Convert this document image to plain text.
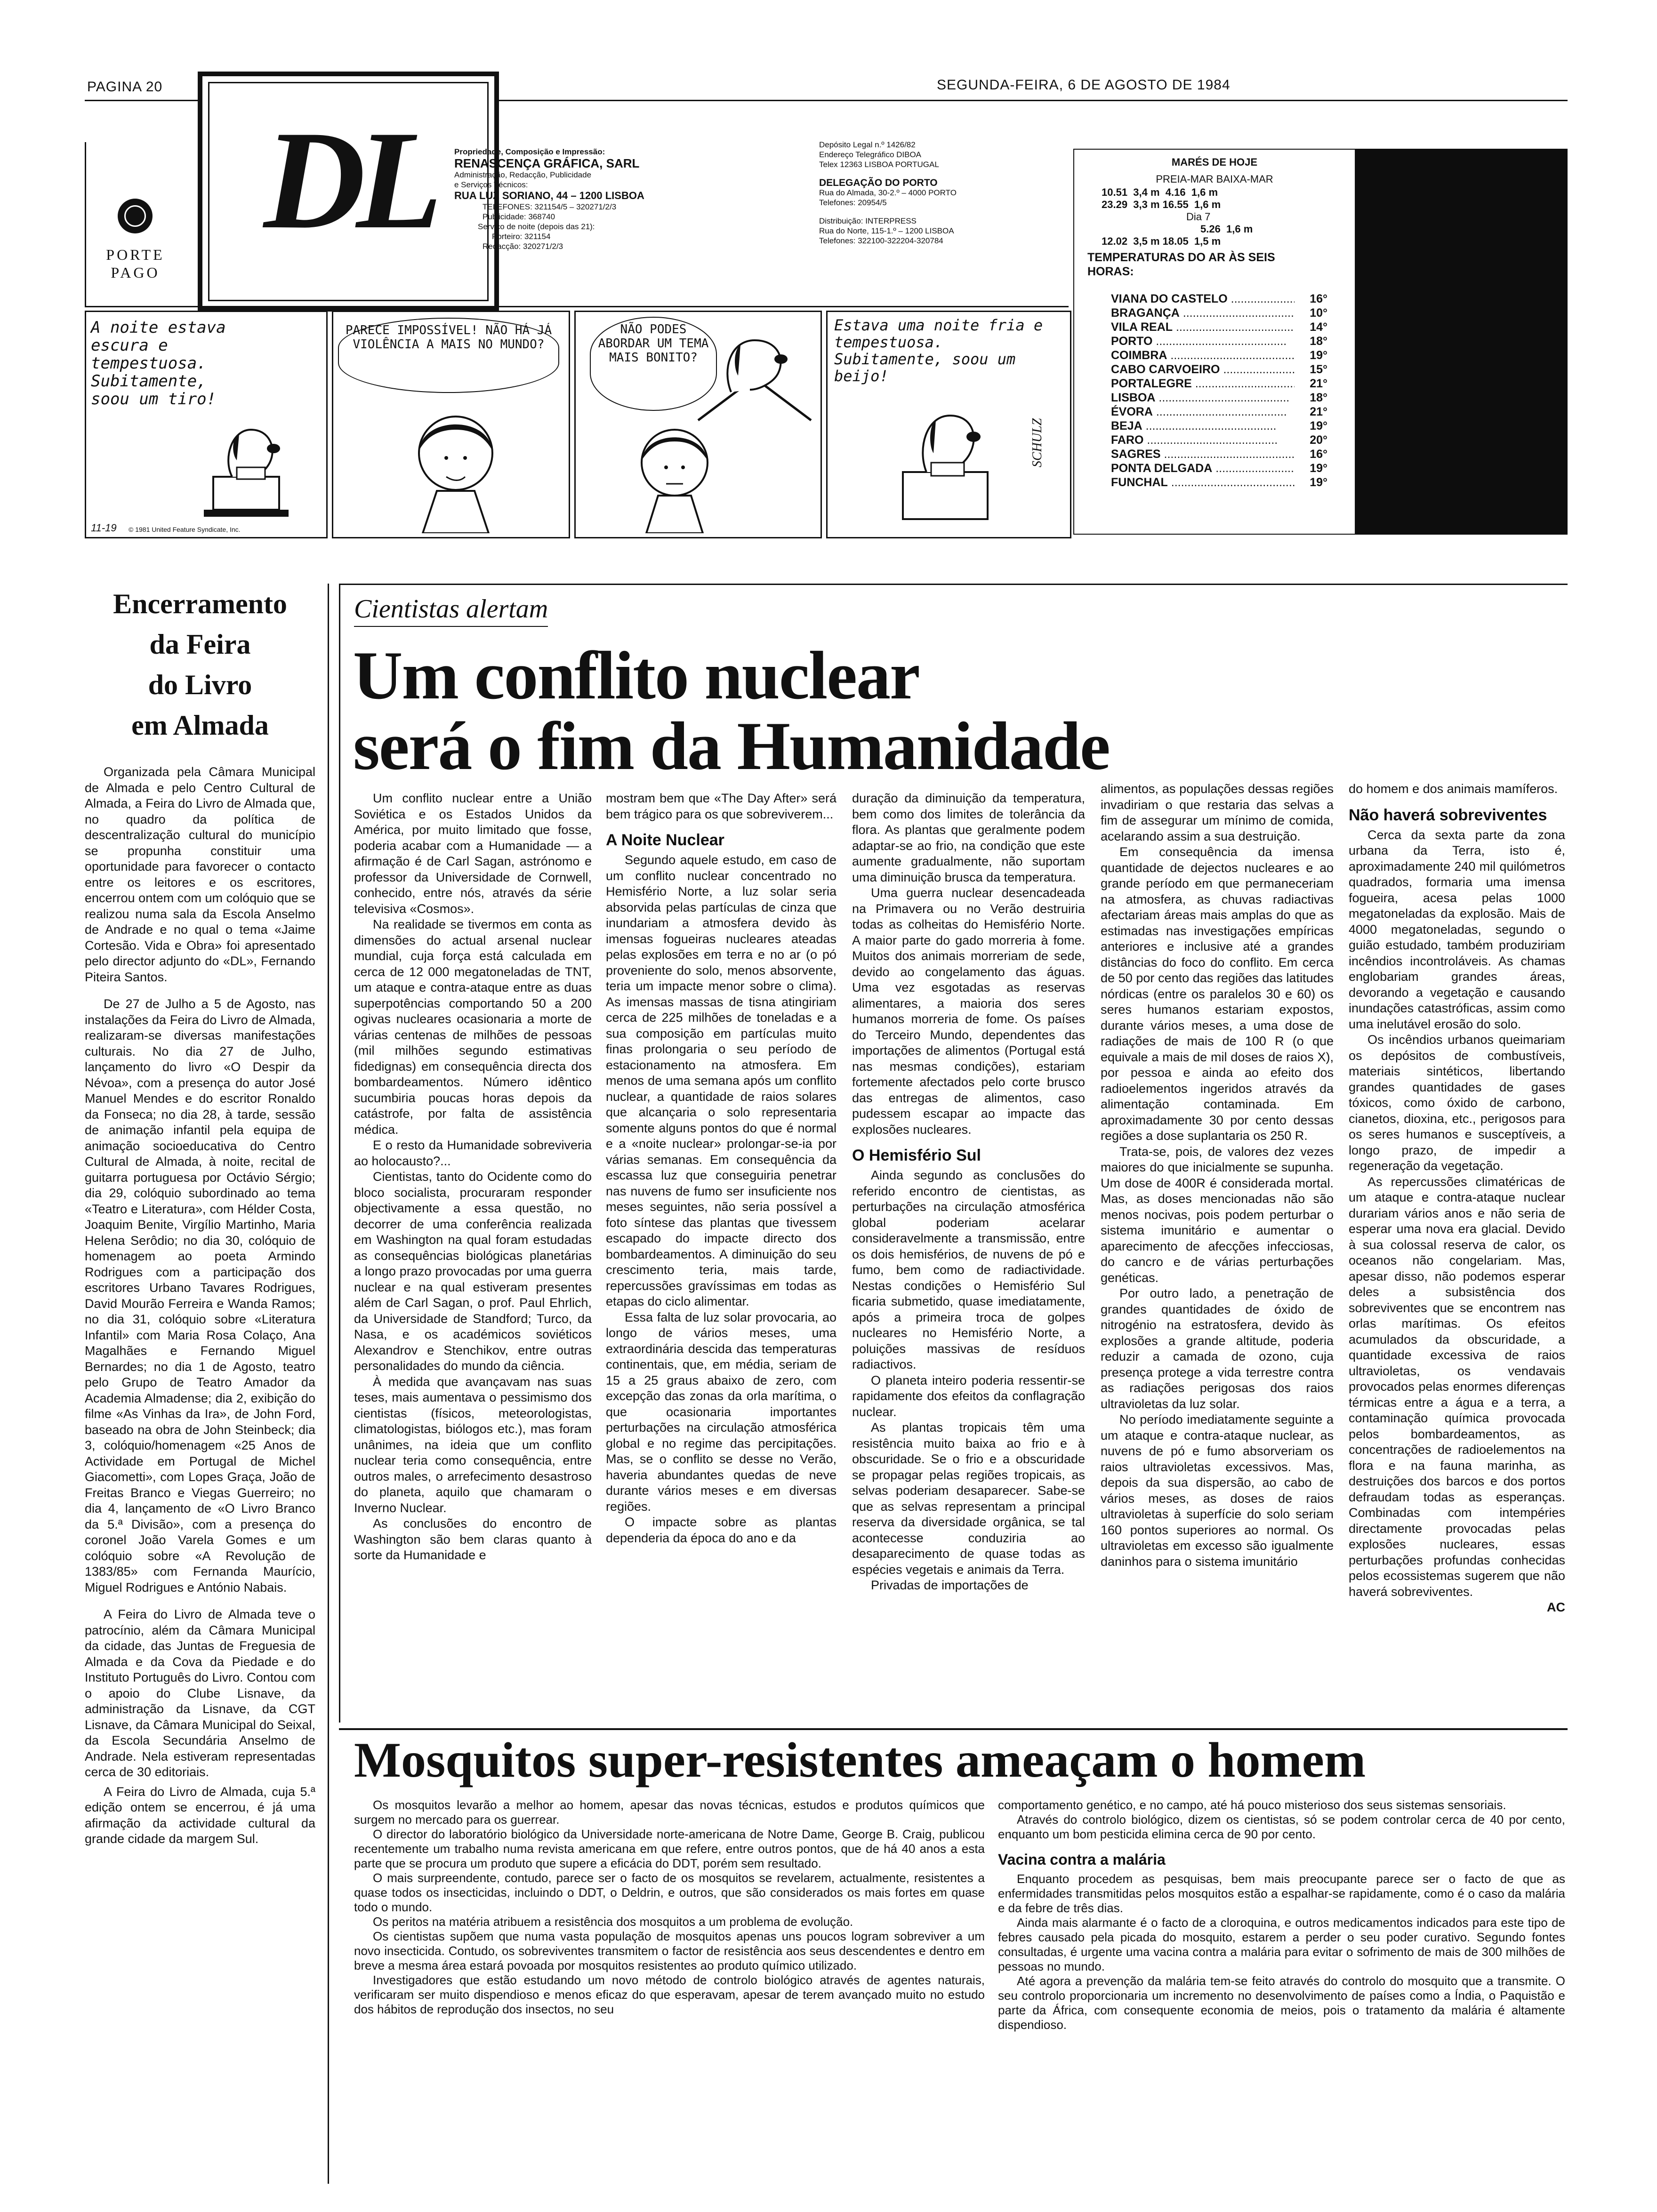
PAGINA 20	SEGUNDA-FEIRA, 6 DE AGOSTO DE 1984
DL
PORTE
PAGO
Propriedade, Composição e Impressão:
RENASCENÇA GRÁFICA, SARL
Administração, Redacção, Publicidade
e Serviços Técnicos:
RUA LUZ SORIANO, 44 – 1200 LISBOA
TELEFONES: 321154/5 – 320271/2/3
Publicidade: 368740
Serviço de noite (depois das 21):
Porteiro: 321154
Redacção: 320271/2/3
Depósito Legal n.º 1426/82
Endereço Telegráfico DIBOA
Telex 12363 LISBOA PORTUGAL
DELEGAÇÃO DO PORTO
Rua do Almada, 30-2.º – 4000 PORTO
Telefones: 20954/5
Distribuição: INTERPRESS
Rua do Norte, 115-1.º – 1200 LISBOA
Telefones: 322100-322204-320784
MARÉS DE HOJE
PREIA-MAR BAIXA-MAR
10.51  3,4 m  4.16  1,6 m
23.29  3,3 m 16.55  1,6 m
Dia 7
5.26  1,6 m
12.02  3,5 m 18.05  1,5 m
TEMPERATURAS DO AR ÀS SEIS HORAS:
VIANA DO CASTELO .....	16°
BRAGANÇA .....	10°
VILA REAL .....	14°
PORTO .....	18°
COIMBRA .....	19°
CABO CARVOEIRO .....	15°
PORTALEGRE .....	21°
LISBOA .....	18°
ÉVORA .....	21°
BEJA .....	19°
FARO .....	20°
SAGRES .....	16°
PONTA DELGADA .....	19°
FUNCHAL .....	19°
A noite estava escura e tempestuosa. Subitamente, soou um tiro!
11-19 © 1981 United Feature Syndicate, Inc.
PARECE IMPOSSÍVEL! NÃO HÁ JÁ VIOLÊNCIA A MAIS NO MUNDO?
NÃO PODES ABORDAR UM TEMA MAIS BONITO?
Estava uma noite fria e tempestuosa. Subitamente, soou um beijo!
SCHULZ
Encerramento
da Feira
do Livro
em Almada

Organizada pela Câmara Municipal de Almada e pelo Centro Cultural de Almada, a Feira do Livro de Almada que, no quadro da política de descentralização cultural do município se propunha constituir uma oportunidade para favorecer o contacto entre os leitores e os escritores, encerrou ontem com um colóquio que se realizou numa sala da Escola Anselmo de Andrade e no qual o tema «Jaime Cortesão. Vida e Obra» foi apresentado pelo director adjunto do «DL», Fernando Piteira Santos.

De 27 de Julho a 5 de Agosto, nas instalações da Feira do Livro de Almada, realizaram-se diversas manifestações culturais. No dia 27 de Julho, lançamento do livro «O Despir da Névoa», com a presença do autor José Manuel Mendes e do escritor Ronaldo da Fonseca; no dia 28, à tarde, sessão de animação infantil pela equipa de animação socioeducativa do Centro Cultural de Almada, à noite, recital de guitarra portuguesa por Octávio Sérgio; dia 29, colóquio subordinado ao tema «Teatro e Literatura», com Hélder Costa, Joaquim Benite, Virgílio Martinho, Maria Helena Serôdio; no dia 30, colóquio de homenagem ao poeta Armindo Rodrigues com a participação dos escritores Urbano Tavares Rodrigues, David Mourão Ferreira e Wanda Ramos; no dia 31, colóquio sobre «Literatura Infantil» com Maria Rosa Colaço, Ana Magalhães e Fernando Miguel Bernardes; no dia 1 de Agosto, teatro pelo Grupo de Teatro Amador da Academia Almadense; dia 2, exibição do filme «As Vinhas da Ira», de John Ford, baseado na obra de John Steinbeck; dia 3, colóquio/homenagem «25 Anos de Actividade em Portugal de Michel Giacometti», com Lopes Graça, João de Freitas Branco e Viegas Guerreiro; no dia 4, lançamento de «O Livro Branco da 5.ª Divisão», com a presença do coronel João Varela Gomes e um colóquio sobre «A Revolução de 1383/85» com Fernanda Maurício, Miguel Rodrigues e António Nabais.

A Feira do Livro de Almada teve o patrocínio, além da Câmara Municipal da cidade, das Juntas de Freguesia de Almada e da Cova da Piedade e do Instituto Português do Livro. Contou com o apoio do Clube Lisnave, da administração da Lisnave, da CGT Lisnave, da Câmara Municipal do Seixal, da Escola Secundária Anselmo de Andrade. Nela estiveram representadas cerca de 30 editoriais.

A Feira do Livro de Almada, cuja 5.ª edição ontem se encerrou, é já uma afirmação da actividade cultural da grande cidade da margem Sul.

Cientistas alertam
Um conflito nuclear
será o fim da Humanidade

Um conflito nuclear entre a União Soviética e os Estados Unidos da América, por muito limitado que fosse, poderia acabar com a Humanidade — a afirmação é de Carl Sagan, astrónomo e professor da Universidade de Cornwell, conhecido, entre nós, através da série televisiva «Cosmos».

Na realidade se tivermos em conta as dimensões do actual arsenal nuclear mundial, cuja força está calculada em cerca de 12 000 megatoneladas de TNT, um ataque e contra-ataque entre as duas superpotências comportando 50 a 200 ogivas nucleares ocasionaria a morte de várias centenas de milhões de pessoas (mil milhões segundo estimativas fidedignas) em consequência directa dos bombardeamentos. Número idêntico sucumbiria poucas horas depois da catástrofe, por falta de assistência médica.

E o resto da Humanidade sobreviveria ao holocausto?...

Cientistas, tanto do Ocidente como do bloco socialista, procuraram responder objectivamente a essa questão, no decorrer de uma conferência realizada em Washington na qual foram estudadas as consequências biológicas planetárias a longo prazo provocadas por uma guerra nuclear e na qual estiveram presentes além de Carl Sagan, o prof. Paul Ehrlich, da Universidade de Standford; Turco, da Nasa, e os académicos soviéticos Alexandrov e Stenchikov, entre outras personalidades do mundo da ciência.

À medida que avançavam nas suas teses, mais aumentava o pessimismo dos cientistas (físicos, meteorologistas, climatologistas, biólogos etc.), mas foram unânimes, na ideia que um conflito nuclear teria como consequência, entre outros males, o arrefecimento desastroso do planeta, aquilo que chamaram o Inverno Nuclear.

As conclusões do encontro de Washington são bem claras quanto à sorte da Humanidade e

mostram bem que «The Day After» será bem trágico para os que sobreviverem...

A Noite Nuclear

Segundo aquele estudo, em caso de um conflito nuclear concentrado no Hemisfério Norte, a luz solar seria absorvida pelas partículas de cinza que inundariam a atmosfera devido às imensas fogueiras nucleares ateadas pelas explosões em terra e no ar (o pó proveniente do solo, menos absorvente, teria um impacte menor sobre o clima). As imensas massas de tisna atingiriam cerca de 225 milhões de toneladas e a sua composição em partículas muito finas prolongaria o seu período de estacionamento na atmosfera. Em menos de uma semana após um conflito nuclear, a quantidade de raios solares que alcançaria o solo representaria somente alguns pontos do que é normal e a «noite nuclear» prolongar-se-ia por várias semanas. Em consequência da escassa luz que conseguiria penetrar nas nuvens de fumo ser insuficiente nos meses seguintes, não seria possível a foto síntese das plantas que tivessem escapado do impacte directo dos bombardeamentos. A diminuição do seu crescimento teria, mais tarde, repercussões gravíssimas em todas as etapas do ciclo alimentar.

Essa falta de luz solar provocaria, ao longo de vários meses, uma extraordinária descida das temperaturas continentais, que, em média, seriam de 15 a 25 graus abaixo de zero, com excepção das zonas da orla marítima, o que ocasionaria importantes perturbações na circulação atmosférica global e no regime das percipitações. Mas, se o conflito se desse no Verão, haveria abundantes quedas de neve durante vários meses e em diversas regiões.

O impacte sobre as plantas dependeria da época do ano e da

duração da diminuição da temperatura, bem como dos limites de tolerância da flora. As plantas que geralmente podem adaptar-se ao frio, na condição que este aumente gradualmente, não suportam uma diminuição brusca da temperatura.

Uma guerra nuclear desencadeada na Primavera ou no Verão destruiria todas as colheitas do Hemisfério Norte. A maior parte do gado morreria à fome. Muitos dos animais morreriam de sede, devido ao congelamento das águas. Uma vez esgotadas as reservas alimentares, a maioria dos seres humanos morreria de fome. Os países do Terceiro Mundo, dependentes das importações de alimentos (Portugal está nas mesmas condições), estariam fortemente afectados pelo corte brusco das entregas de alimentos, caso pudessem escapar ao impacte das explosões nucleares.

O Hemisfério Sul

Ainda segundo as conclusões do referido encontro de cientistas, as perturbações na circulação atmosférica global poderiam acelarar consideravelmente a transmissão, entre os dois hemisférios, de nuvens de pó e fumo, bem como de radiactividade. Nestas condições o Hemisfério Sul ficaria submetido, quase imediatamente, após a primeira troca de golpes nucleares no Hemisfério Norte, a poluições massivas de resíduos radiactivos.

O planeta inteiro poderia ressentir-se rapidamente dos efeitos da conflagração nuclear.

As plantas tropicais têm uma resistência muito baixa ao frio e à obscuridade. Se o frio e a obscuridade se propagar pelas regiões tropicais, as selvas poderiam desaparecer. Sabe-se que as selvas representam a principal reserva da diversidade orgânica, se tal acontecesse conduziria ao desaparecimento de quase todas as espécies vegetais e animais da Terra.

Privadas de importações de

alimentos, as populações dessas regiões invadiriam o que restaria das selvas a fim de assegurar um mínimo de comida, acelarando assim a sua destruição.

Em consequência da imensa quantidade de dejectos nucleares e ao grande período em que permaneceriam na atmosfera, as chuvas radiactivas afectariam áreas mais amplas do que as estimadas nas investigações empíricas anteriores e inclusive até a grandes distâncias do foco do conflito. Em cerca de 50 por cento das regiões das latitudes nórdicas (entre os paralelos 30 e 60) os seres humanos estariam expostos, durante vários meses, a uma dose de radiações de mais de 100 R (o que equivale a mais de mil doses de raios X), por pessoa e ainda ao efeito dos radioelementos ingeridos através da alimentação contaminada. Em aproximadamente 30 por cento dessas regiões a dose suplantaria os 250 R.

Trata-se, pois, de valores dez vezes maiores do que inicialmente se supunha. Um dose de 400R é considerada mortal. Mas, as doses mencionadas não são menos nocivas, pois podem perturbar o sistema imunitário e aumentar o aparecimento de afecções infecciosas, do cancro e de várias perturbações genéticas.

Por outro lado, a penetração de grandes quantidades de óxido de nitrogénio na estratosfera, devido às explosões a grande altitude, poderia reduzir a camada de ozono, cuja presença protege a vida terrestre contra as radiações perigosas dos raios ultravioletas da luz solar.

No período imediatamente seguinte a um ataque e contra-ataque nuclear, as nuvens de pó e fumo absorveriam os raios ultravioletas excessivos. Mas, depois da sua dispersão, ao cabo de vários meses, as doses de raios ultravioletas à superfície do solo seriam 160 pontos superiores ao normal. Os ultravioletas em excesso são igualmente daninhos para o sistema imunitário

do homem e dos animais mamíferos.

Não haverá sobreviventes

Cerca da sexta parte da zona urbana da Terra, isto é, aproximadamente 240 mil quilómetros quadrados, formaria uma imensa fogueira, acesa pelas 1000 megatoneladas da explosão. Mais de 4000 megatoneladas, segundo o guião estudado, também produziriam incêndios incontroláveis. As chamas englobariam grandes áreas, devorando a vegetação e causando inundações catastróficas, assim como uma inelutável erosão do solo.

Os incêndios urbanos queimariam os depósitos de combustíveis, materiais sintéticos, libertando grandes quantidades de gases tóxicos, como óxido de carbono, cianetos, dioxina, etc., perigosos para os seres humanos e susceptíveis, a longo prazo, de impedir a regeneração da vegetação.

As repercussões climatéricas de um ataque e contra-ataque nuclear durariam vários anos e não seria de esperar uma nova era glacial. Devido à sua colossal reserva de calor, os oceanos não congelariam. Mas, apesar disso, não podemos esperar deles a subsistência dos sobreviventes que se encontrem nas orlas marítimas. Os efeitos acumulados da obscuridade, a quantidade excessiva de raios ultravioletas, os vendavais provocados pelas enormes diferenças térmicas entre a água e a terra, a contaminação química provocada pelos bombardeamentos, as concentrações de radioelementos na flora e na fauna marinha, as destruições dos barcos e dos portos defraudam todas as esperanças. Combinadas com intempéries directamente provocadas pelas explosões nucleares, essas perturbações profundas conhecidas pelos ecossistemas sugerem que não haverá sobreviventes.

AC
Mosquitos super-resistentes ameaçam o homem

Os mosquitos levarão a melhor ao homem, apesar das novas técnicas, estudos e produtos químicos que surgem no mercado para os guerrear.

O director do laboratório biológico da Universidade norte-americana de Notre Dame, George B. Craig, publicou recentemente um trabalho numa revista americana em que refere, entre outros pontos, que de há 40 anos a esta parte que se procura um produto que supere a eficácia do DDT, porém sem resultado.

O mais surpreendente, contudo, parece ser o facto de os mosquitos se revelarem, actualmente, resistentes a quase todos os insecticidas, incluindo o DDT, o Deldrin, e outros, que são considerados os mais fortes em quase todo o mundo.

Os peritos na matéria atribuem a resistência dos mosquitos a um problema de evolução.

Os cientistas supõem que numa vasta população de mosquitos apenas uns poucos logram sobreviver a um novo insecticida. Contudo, os sobreviventes transmitem o factor de resistência aos seus descendentes e dentro em breve a mesma área estará povoada por mosquitos resistentes ao produto químico utilizado.

Investigadores que estão estudando um novo método de controlo biológico através de agentes naturais, verificaram ser muito dispendioso e menos eficaz do que esperavam, apesar de terem avançado muito no estudo dos hábitos de reprodução dos insectos, no seu

comportamento genético, e no campo, até há pouco misterioso dos seus sistemas sensoriais.

Através do controlo biológico, dizem os cientistas, só se podem controlar cerca de 40 por cento, enquanto um bom pesticida elimina cerca de 90 por cento.

Vacina contra a malária

Enquanto procedem as pesquisas, bem mais preocupante parece ser o facto de que as enfermidades transmitidas pelos mosquitos estão a espalhar-se rapidamente, como é o caso da malária e da febre de três dias.

Ainda mais alarmante é o facto de a cloroquina, e outros medicamentos indicados para este tipo de febres causado pela picada do mosquito, estarem a perder o seu poder curativo. Segundo fontes consultadas, é urgente uma vacina contra a malária para evitar o sofrimento de mais de 300 milhões de pessoas no mundo.

Até agora a prevenção da malária tem-se feito através do controlo do mosquito que a transmite. O seu controlo proporcionaria um incremento no desenvolvimento de países como a Índia, o Paquistão e parte da África, com consequente economia de meios, pois o tratamento da malária é altamente dispendioso.
